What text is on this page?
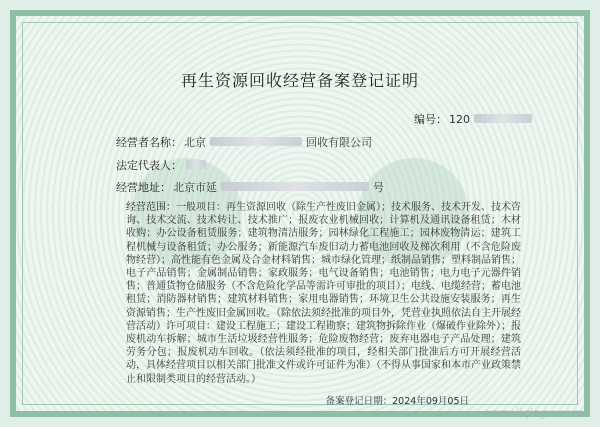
再生资源回收经营备案登记证明
编号： 120
经营者名称： 北京	回收有限公司
法定代表人：
经营地址： 北京市延	号
经营范围：一般项目：再生资源回收（除生产性废旧金属）；技术服务、技术开发、技术咨询、技术交流、技术转让、技术推广；报废农业机械回收；计算机及通讯设备租赁；木材收购；办公设备租赁服务；建筑物清洁服务；园林绿化工程施工；园林废物清运；建筑工程机械与设备租赁；办公服务；新能源汽车废旧动力蓄电池回收及梯次利用（不含危险废物经营）；高性能有色金属及合金材料销售；城市绿化管理；纸制品销售；塑料制品销售；电子产品销售；金属制品销售；家政服务；电气设备销售；电池销售；电力电子元器件销售；普通货物仓储服务（不含危险化学品等需许可审批的项目）；电线、电缆经营；蓄电池租赁；消防器材销售；建筑材料销售；家用电器销售；环境卫生公共设施安装服务；再生资源销售；生产性废旧金属回收。（除依法须经批准的项目外，凭营业执照依法自主开展经营活动）许可项目：建设工程施工；建设工程勘察；建筑物拆除作业（爆破作业除外）；报废机动车拆解；城市生活垃圾经营性服务；危险废物经营；废弃电器电子产品处理；建筑劳务分包；报废机动车回收。（依法须经批准的项目，经相关部门批准后方可开展经营活动，具体经营项目以相关部门批准文件或许可证件为准）（不得从事国家和本市产业政策禁止和限制类项目的经营活动。）
备案登记日期：2024年09月05日
www.liqingw.com
